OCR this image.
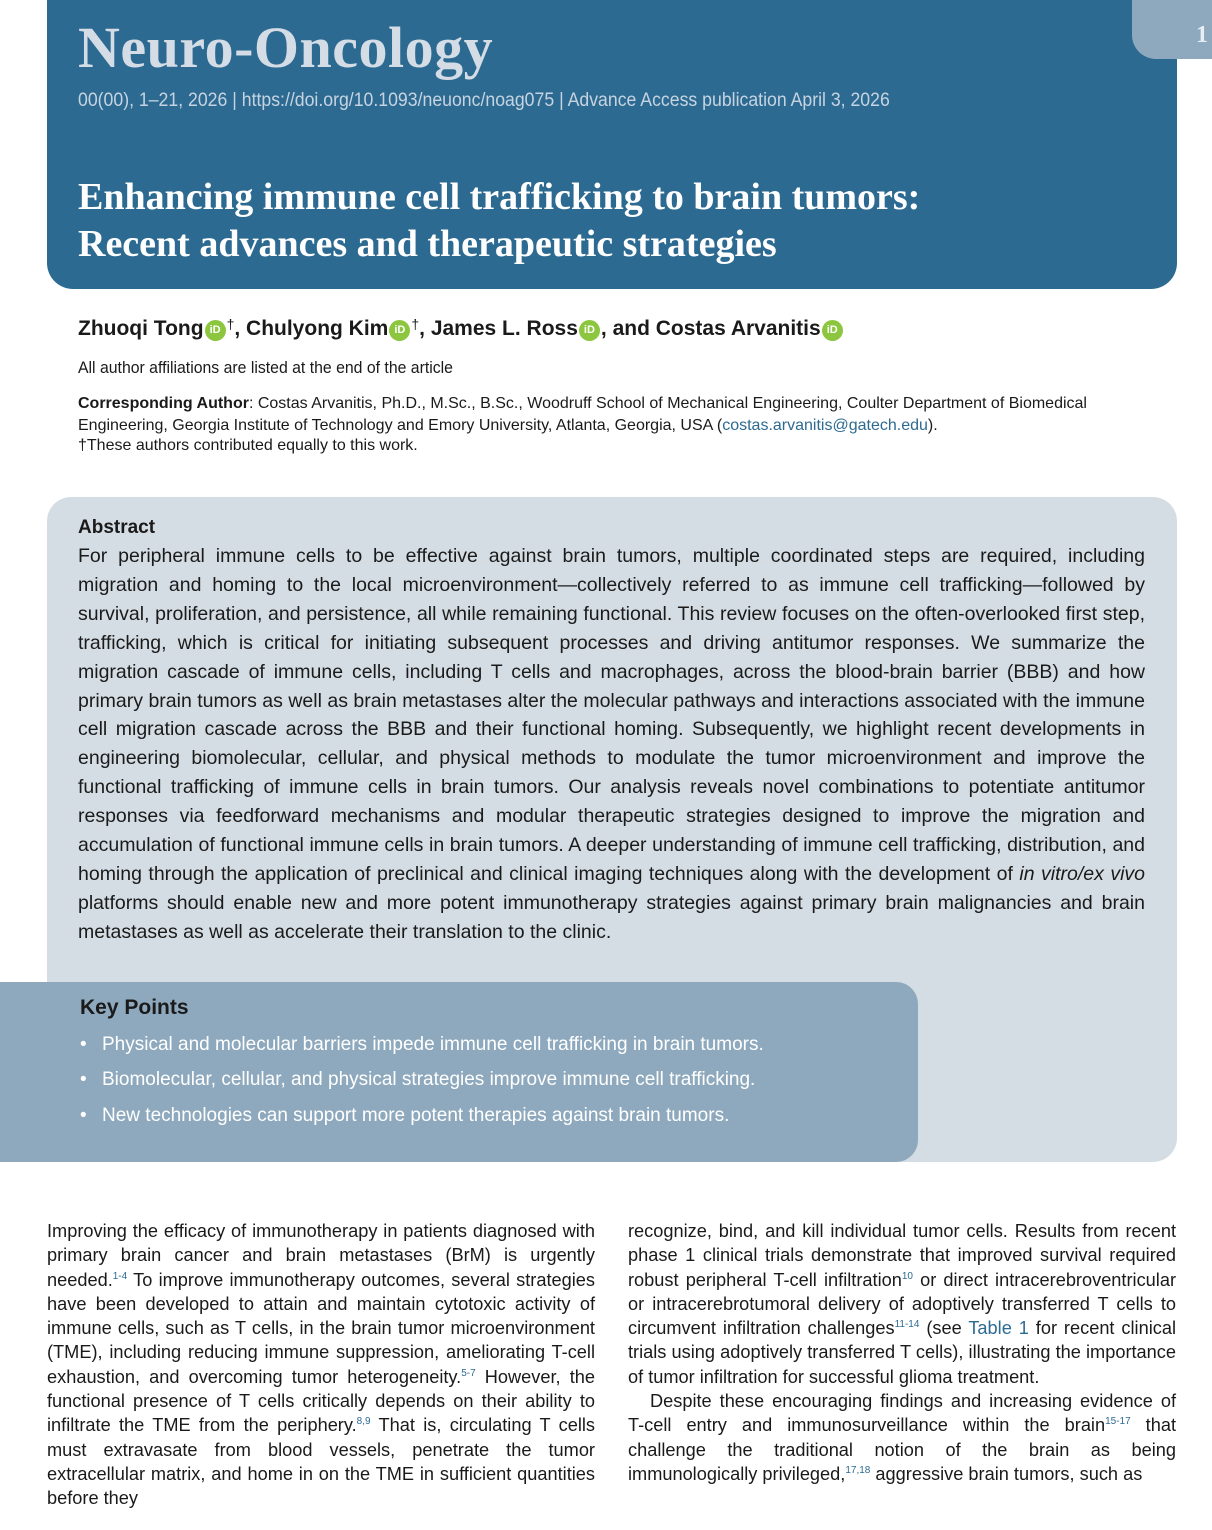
1
Neuro-Oncology
00(00), 1–21, 2026 | https://doi.org/10.1093/neuonc/noag075 | Advance Access publication April 3, 2026
Enhancing immune cell trafficking to brain tumors:
Recent advances and therapeutic strategies
Zhuoqi Tong iD †, Chulyong Kim iD †, James L. Ross iD , and Costas Arvanitis iD
All author affiliations are listed at the end of the article
Corresponding Author: Costas Arvanitis, Ph.D., M.Sc., B.Sc., Woodruff School of Mechanical Engineering, Coulter Department of Biomedical Engineering, Georgia Institute of Technology and Emory University, Atlanta, Georgia, USA (costas.arvanitis@gatech.edu).
†These authors contributed equally to this work.
Abstract
For peripheral immune cells to be effective against brain tumors, multiple coordinated steps are required, including migration and homing to the local microenvironment—collectively referred to as immune cell trafficking—followed by survival, proliferation, and persistence, all while remaining functional. This review focuses on the often-overlooked first step, trafficking, which is critical for initiating subsequent processes and driving antitumor responses. We summarize the migration cascade of immune cells, including T cells and macrophages, across the blood-brain barrier (BBB) and how primary brain tumors as well as brain metastases alter the molecular pathways and interactions associated with the immune cell migration cascade across the BBB and their functional homing. Subsequently, we highlight recent developments in engineering biomolecular, cellular, and physical methods to modulate the tumor microenvironment and improve the functional trafficking of immune cells in brain tumors. Our analysis reveals novel combinations to potentiate antitumor responses via feedforward mechanisms and modular therapeutic strategies designed to improve the migration and accumulation of functional immune cells in brain tumors. A deeper understanding of immune cell trafficking, distribution, and homing through the application of preclinical and clinical imaging techniques along with the development of in vitro/ex vivo platforms should enable new and more potent immunotherapy strategies against primary brain malignancies and brain metastases as well as accelerate their translation to the clinic.
Key Points
• Physical and molecular barriers impede immune cell trafficking in brain tumors.
• Biomolecular, cellular, and physical strategies improve immune cell trafficking.
• New technologies can support more potent therapies against brain tumors.

Improving the efficacy of immunotherapy in patients diagnosed with primary brain cancer and brain metastases (BrM) is urgently needed.$^{1-4}$ To improve immunotherapy outcomes, several strategies have been developed to attain and maintain cytotoxic activity of immune cells, such as T cells, in the brain tumor microenvironment (TME), including reducing immune suppression, ameliorating T-cell exhaustion, and overcoming tumor heterogeneity.$^{5-7}$ However, the functional presence of T cells critically depends on their ability to infiltrate the TME from the periphery.$^{8,9}$ That is, circulating T cells must extravasate from blood vessels, penetrate the tumor extracellular matrix, and home in on the TME in sufficient quantities before they

recognize, bind, and kill individual tumor cells. Results from recent phase 1 clinical trials demonstrate that improved survival required robust peripheral T-cell infiltration$^{10}$ or direct intracerebroventricular or intracerebrotumoral delivery of adoptively transferred T cells to circumvent infiltration challenges$^{11-14}$ (see Table 1 for recent clinical trials using adoptively transferred T cells), illustrating the importance of tumor infiltration for successful glioma treatment.

Despite these encouraging findings and increasing evidence of T-cell entry and immunosurveillance within the brain$^{15-17}$ that challenge the traditional notion of the brain as being immunologically privileged,$^{17,18}$ aggressive brain tumors, such as
